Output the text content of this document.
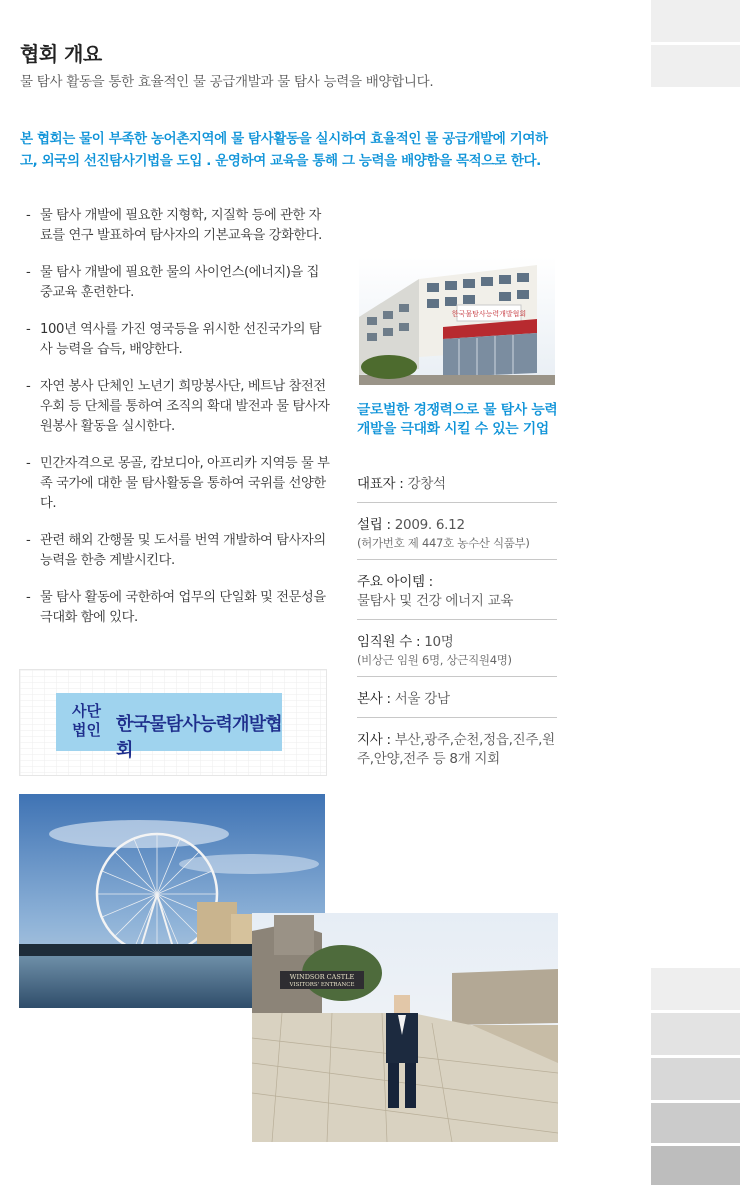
협회 개요
물 탐사 활동을 통한 효율적인 물 공급개발과 물 탐사 능력을 배양합니다.
본 협회는 물이 부족한 농어촌지역에 물 탐사활동을 실시하여 효율적인 물 공급개발에 기여하고, 외국의 선진탐사기법을 도입 . 운영하여 교육을 통해 그 능력을 배양함을 목적으로 한다.
- 물 탐사 개발에 필요한 지형학, 지질학 등에 관한 자료를 연구 발표하여 탐사자의 기본교육을 강화한다.
- 물 탐사 개발에 필요한 물의 사이언스(에너지)을 집중교육 훈련한다.
- 100년 역사를 가진 영국등을 위시한 선진국가의 탐사 능력을 습득, 배양한다.
- 자연 봉사 단체인 노년기 희망봉사단, 베트남 참전전우회 등 단체를 통하여 조직의 확대 발전과 물 탐사자원봉사 활동을 실시한다.
- 민간자격으로 몽골, 캄보디아, 아프리카 지역등 물 부족 국가에 대한 물 탐사활동을 통하여 국위를 선양한다.
- 관련 해외 간행물 및 도서를 번역 개발하여 탐사자의 능력을 한층 계발시킨다.
- 물 탐사 활동에 국한하여 업무의 단일화 및 전문성을 극대화 함에 있다.
한국물탐사능력개발협회
글로벌한 경쟁력으로 물 탐사 능력 개발을 극대화 시킬 수 있는 기업
대표자 : 강창석
설립 : 2009. 6.12
(허가번호 제 447호 농수산 식품부)
주요 아이템 :
물탐사 및 건강 에너지 교육
임직원 수 : 10명
(비상근 임원 6명, 상근직원4명)
본사 : 서울 강남
지사 : 부산,광주,순천,정읍,진주,원주,안양,전주 등 8개 지회
사단
법인 한국물탐사능력개발협회
WINDSOR CASTLE
VISITORS' ENTRANCE
